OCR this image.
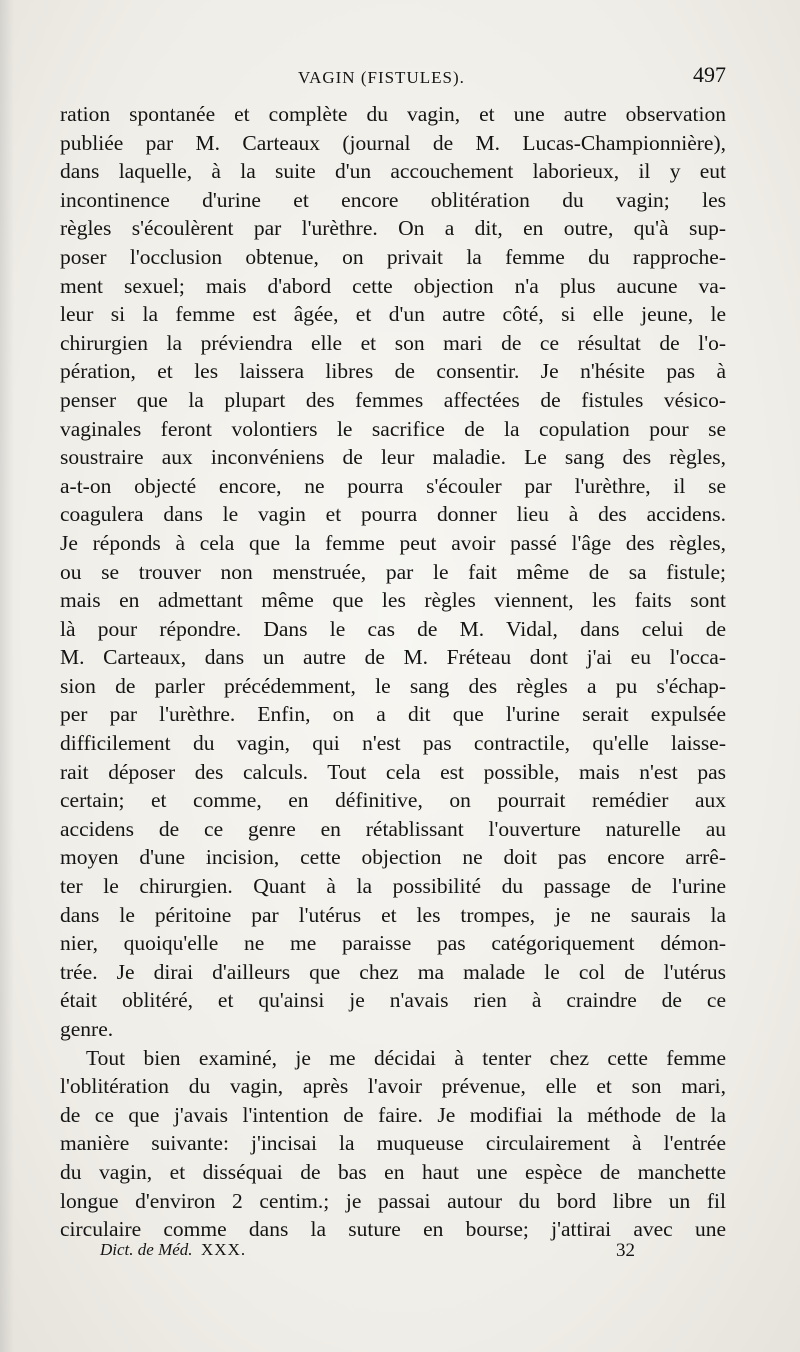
VAGIN (FISTULES).	497
ration spontanée et complète du vagin, et une autre observation
publiée par M. Carteaux (journal de M. Lucas-Championnière),
dans laquelle, à la suite d'un accouchement laborieux, il y eut
incontinence d'urine et encore oblitération du vagin; les
règles s'écoulèrent par l'urèthre. On a dit, en outre, qu'à sup-
poser l'occlusion obtenue, on privait la femme du rapproche-
ment sexuel; mais d'abord cette objection n'a plus aucune va-
leur si la femme est âgée, et d'un autre côté, si elle jeune, le
chirurgien la préviendra elle et son mari de ce résultat de l'o-
pération, et les laissera libres de consentir. Je n'hésite pas à
penser que la plupart des femmes affectées de fistules vésico-
vaginales feront volontiers le sacrifice de la copulation pour se
soustraire aux inconvéniens de leur maladie. Le sang des règles,
a-t-on objecté encore, ne pourra s'écouler par l'urèthre, il se
coagulera dans le vagin et pourra donner lieu à des accidens.
Je réponds à cela que la femme peut avoir passé l'âge des règles,
ou se trouver non menstruée, par le fait même de sa fistule;
mais en admettant même que les règles viennent, les faits sont
là pour répondre. Dans le cas de M. Vidal, dans celui de
M. Carteaux, dans un autre de M. Fréteau dont j'ai eu l'occa-
sion de parler précédemment, le sang des règles a pu s'échap-
per par l'urèthre. Enfin, on a dit que l'urine serait expulsée
difficilement du vagin, qui n'est pas contractile, qu'elle laisse-
rait déposer des calculs. Tout cela est possible, mais n'est pas
certain; et comme, en définitive, on pourrait remédier aux
accidens de ce genre en rétablissant l'ouverture naturelle au
moyen d'une incision, cette objection ne doit pas encore arrê-
ter le chirurgien. Quant à la possibilité du passage de l'urine
dans le péritoine par l'utérus et les trompes, je ne saurais la
nier, quoiqu'elle ne me paraisse pas catégoriquement démon-
trée. Je dirai d'ailleurs que chez ma malade le col de l'utérus
était oblitéré, et qu'ainsi je n'avais rien à craindre de ce
genre.
Tout bien examiné, je me décidai à tenter chez cette femme
l'oblitération du vagin, après l'avoir prévenue, elle et son mari,
de ce que j'avais l'intention de faire. Je modifiai la méthode de la
manière suivante: j'incisai la muqueuse circulairement à l'entrée
du vagin, et disséquai de bas en haut une espèce de manchette
longue d'environ 2 centim.; je passai autour du bord libre un fil
circulaire comme dans la suture en bourse; j'attirai avec une
Dict. de Méd. XXX.	32
